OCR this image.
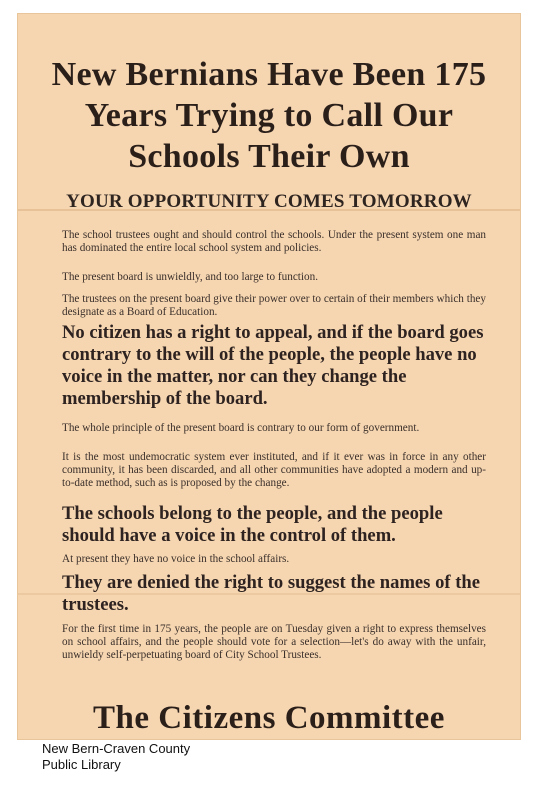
New Bernians Have Been 175 Years Trying to Call Our Schools Their Own
YOUR OPPORTUNITY COMES TOMORROW

The school trustees ought and should control the schools. Under the present system one man has dominated the entire local school system and policies.

The present board is unwieldly, and too large to function.

The trustees on the present board give their power over to certain of their members which they designate as a Board of Education.

No citizen has a right to appeal, and if the board goes contrary to the will of the people, the people have no voice in the matter, nor can they change the membership of the board.

The whole principle of the present board is contrary to our form of government.

It is the most undemocratic system ever instituted, and if it ever was in force in any other community, it has been discarded, and all other communities have adopted a modern and up-to-date method, such as is proposed by the change.

The schools belong to the people, and the people should have a voice in the control of them.

At present they have no voice in the school affairs.

They are denied the right to suggest the names of the trustees.

For the first time in 175 years, the people are on Tuesday given a right to express themselves on school affairs, and the people should vote for a selection—let's do away with the unfair, unwieldy self-perpetuating board of City School Trustees.

The Citizens Committee
New Bern-Craven County
Public Library
